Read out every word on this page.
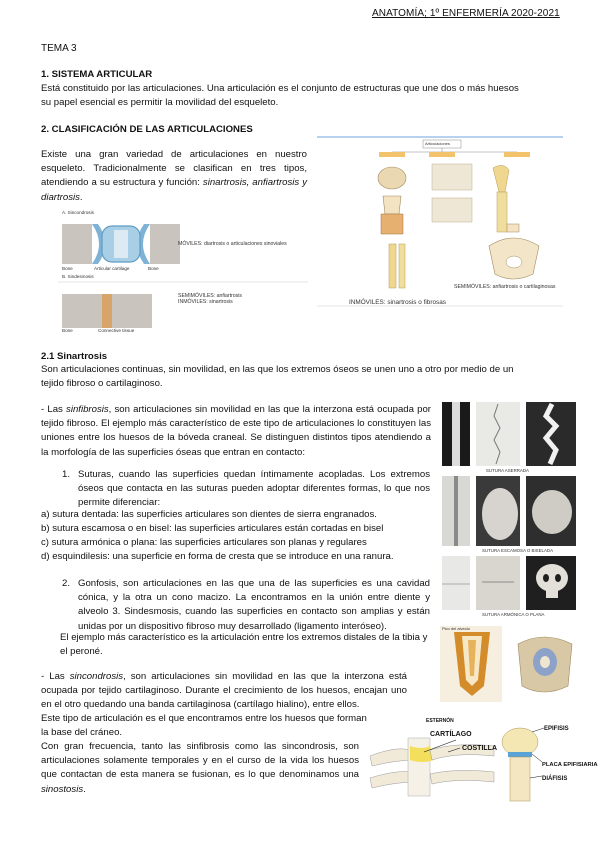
ANATOMÍA; 1º ENFERMERÍA 2020-2021
TEMA 3
1. SISTEMA ARTICULAR
Está constituido por las articulaciones. Una articulación es el conjunto de estructuras que une dos o más huesos
su papel esencial es permitir la movilidad del esqueleto.
2. CLASIFICACIÓN DE LAS ARTICULACIONES
Existe una gran variedad de articulaciones en nuestro esqueleto. Tradicionalmente se clasifican en tres tipos, atendiendo a su estructura y función: sinartrosis, anfiartrosis y diartrosis.
A. Sincondrosis
B. Sindesmosis
Bone	Articular cartilage	Bone
Bone	Connective tissue
MÓVILES: diartrosis o articulaciones sinoviales
SEMIMÓVILES: anfiartrosis
INMÓVILES: sinartrosis
Articulaciones
SEMIMÓVILES: anfiartrosis o cartilaginosas
INMÓVILES: sinartrosis o fibrosas
2.1 Sinartrosis
Son articulaciones continuas, sin movilidad, en las que los extremos óseos se unen uno a otro por medio de un
tejido fibroso o cartilaginoso.
- Las sinfibrosis, son articulaciones sin movilidad en las que la interzona está ocupada por tejido fibroso. El ejemplo más característico de este tipo de articulaciones lo constituyen las uniones entre los huesos de la bóveda craneal. Se distinguen distintos tipos atendiendo a la morfología de las superficies óseas que entran en contacto:
1. Suturas, cuando las superficies quedan íntimamente acopladas. Los extremos óseos que contacta en las suturas pueden adoptar diferentes formas, lo que nos permite diferenciar:
a) sutura dentada: las superficies articulares son dientes de sierra engranados.
b) sutura escamosa o en bisel: las superficies articulares están cortadas en bisel
c) sutura armónica o plana: las superficies articulares son planas y regulares
d) esquindilesis: una superficie en forma de cresta que se introduce en una ranura.
2. Gonfosis, son articulaciones en las que una de las superficies es una cavidad cónica, y la otra un cono macizo. La encontramos en la unión entre diente y alveolo 3. Sindesmosis, cuando las superficies en contacto son amplias y están unidas por un dispositivo fibroso muy desarrollado (ligamento interóseo).
El ejemplo más característico es la articulación entre los extremos distales de la tibia y el peroné.
SUTURA ASERRADA
SUTURA ESCAMOSA O BISELADA
SUTURA ARMÓNICA O PLANA
Pico del alveolo
- Las sincondrosis, son articulaciones sin movilidad en las que la interzona está ocupada por tejido cartilaginoso. Durante el crecimiento de los huesos, encajan uno en el otro quedando una banda cartilaginosa (cartílago hialino), entre ellos.
Este tipo de articulación es el que encontramos entre los huesos que forman la base del cráneo.
Con gran frecuencia, tanto las sinfibrosis como las sincondrosis, son articulaciones solamente temporales y en el curso de la vida los huesos que contactan de esta manera se fusionan, es lo que denominamos una sinostosis.
ESTERNÓN
CARTÍLAGO
COSTILLA
EPIFISIS
PLACA EPIFISIARIA
DIÁFISIS
